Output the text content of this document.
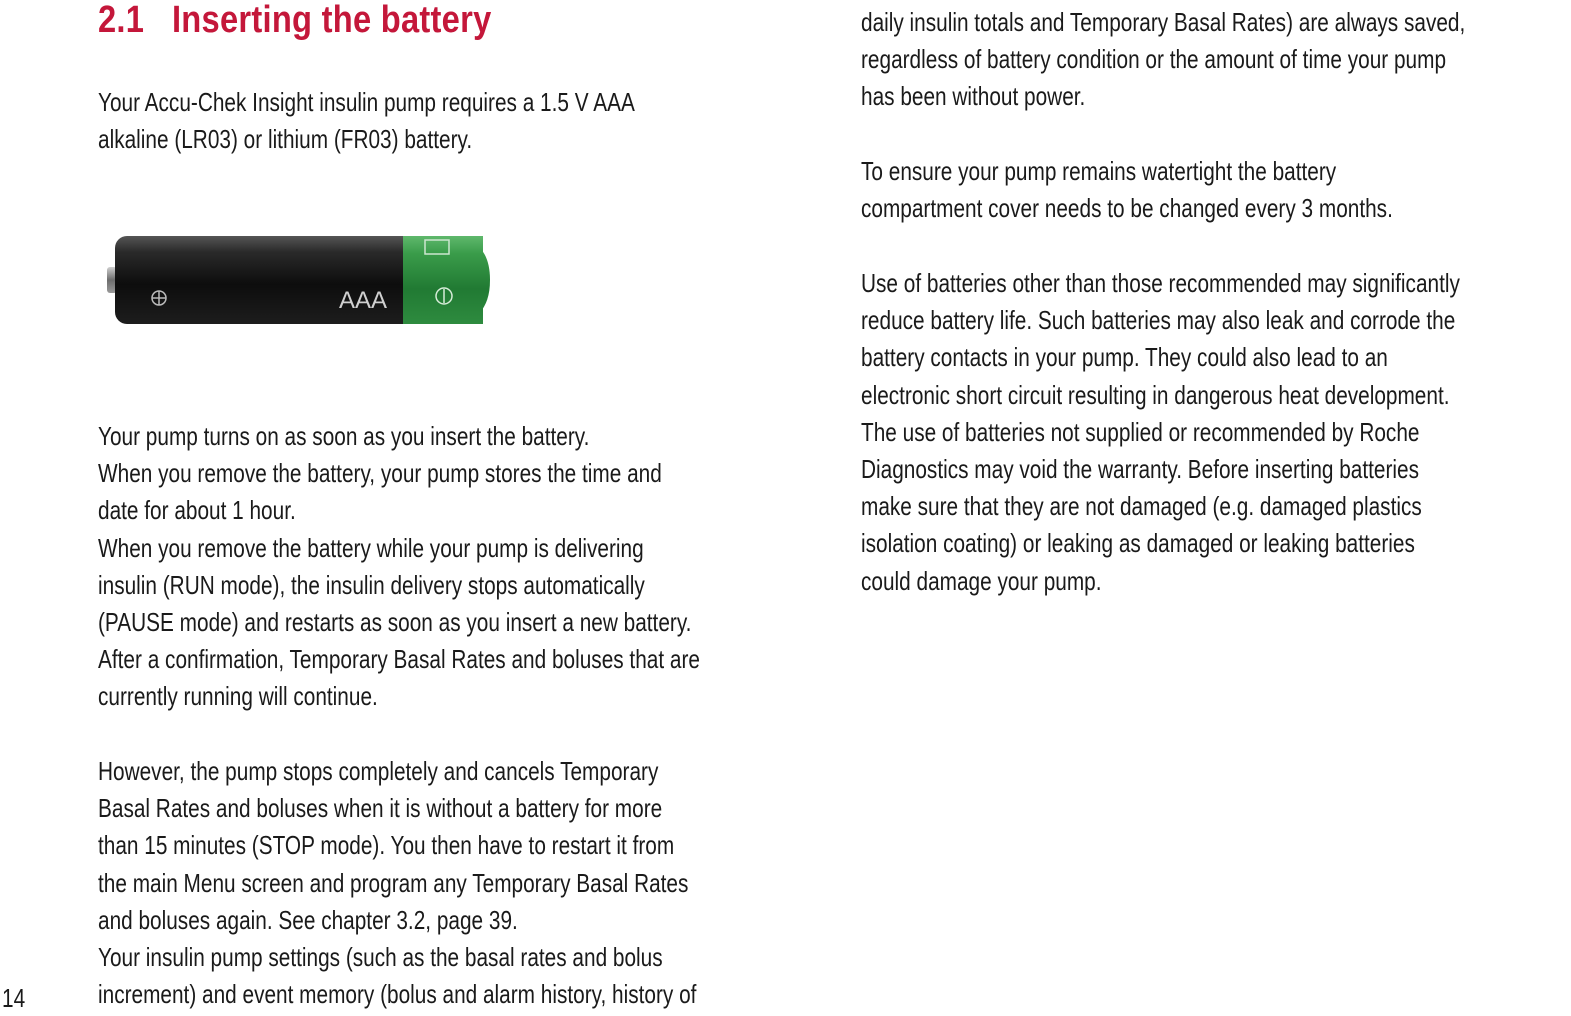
2.1 Inserting the battery

Your Accu-Chek Insight insulin pump requires a 1.5 V AAA
alkaline (LR03) or lithium (FR03) battery.

AAA

Your pump turns on as soon as you insert the battery.
When you remove the battery, your pump stores the time and
date for about 1 hour.
When you remove the battery while your pump is delivering
insulin (RUN mode), the insulin delivery stops automatically
(PAUSE mode) and restarts as soon as you insert a new battery.
After a confirmation, Temporary Basal Rates and boluses that are
currently running will continue.

However, the pump stops completely and cancels Temporary
Basal Rates and boluses when it is without a battery for more
than 15 minutes (STOP mode). You then have to restart it from
the main Menu screen and program any Temporary Basal Rates
and boluses again. See chapter 3.2, page 39.
Your insulin pump settings (such as the basal rates and bolus
increment) and event memory (bolus and alarm history, history of

14

daily insulin totals and Temporary Basal Rates) are always saved,
regardless of battery condition or the amount of time your pump
has been without power.

To ensure your pump remains watertight the battery
compartment cover needs to be changed every 3 months.

Use of batteries other than those recommended may significantly
reduce battery life. Such batteries may also leak and corrode the
battery contacts in your pump. They could also lead to an
electronic short circuit resulting in dangerous heat development.
The use of batteries not supplied or recommended by Roche
Diagnostics may void the warranty. Before inserting batteries
make sure that they are not damaged (e.g. damaged plastics
isolation coating) or leaking as damaged or leaking batteries
could damage your pump.
